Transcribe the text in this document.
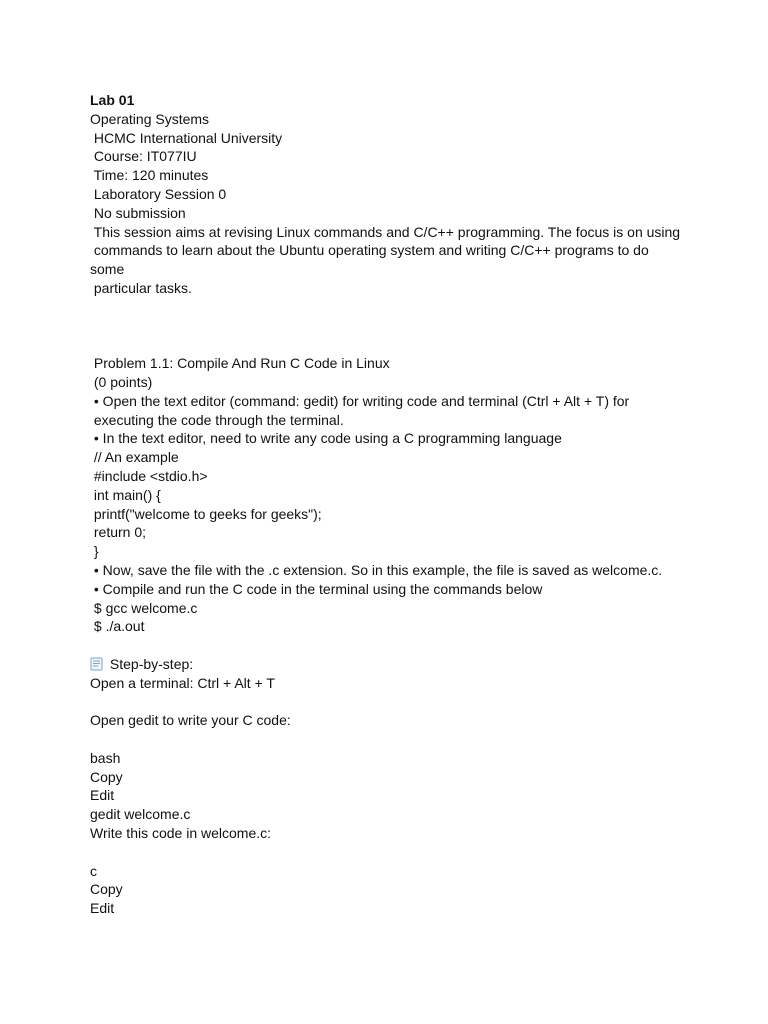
Lab 01
Operating Systems
HCMC International University
Course: IT077IU
Time: 120 minutes
Laboratory Session 0
No submission
This session aims at revising Linux commands and C/C++ programming. The focus is on using
commands to learn about the Ubuntu operating system and writing C/C++ programs to do
some
particular tasks.
Problem 1.1: Compile And Run C Code in Linux
(0 points)
• Open the text editor (command: gedit) for writing code and terminal (Ctrl + Alt + T) for
executing the code through the terminal.
• In the text editor, need to write any code using a C programming language
// An example
#include <stdio.h>
int main() {
printf("welcome to geeks for geeks");
return 0;
}
• Now, save the file with the .c extension. So in this example, the file is saved as welcome.c.
• Compile and run the C code in the terminal using the commands below
$ gcc welcome.c
$ ./a.out
Step-by-step:
Open a terminal: Ctrl + Alt + T
Open gedit to write your C code:
bash
Copy
Edit
gedit welcome.c
Write this code in welcome.c:
c
Copy
Edit
